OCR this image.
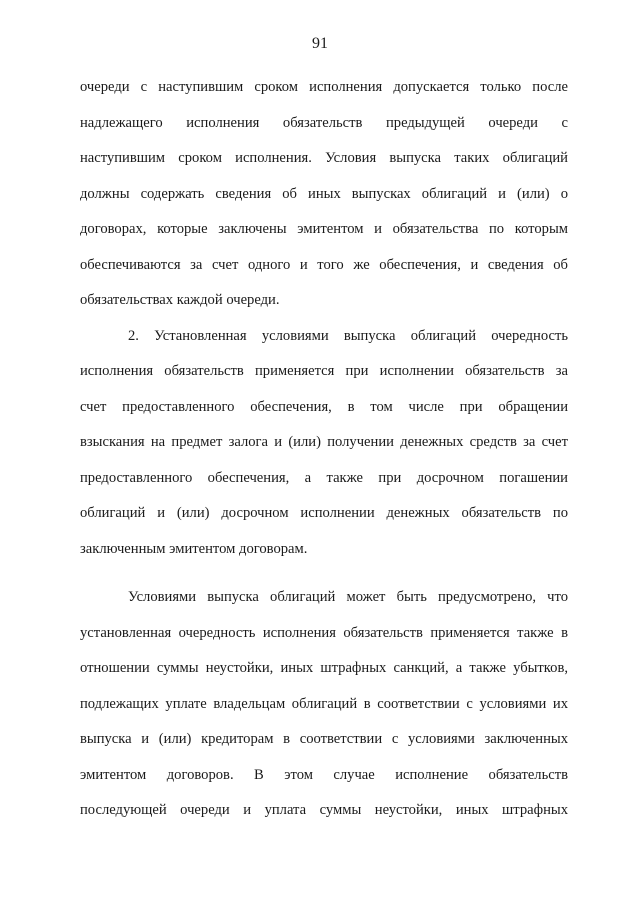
91
очереди с наступившим сроком исполнения допускается только после
надлежащего исполнения обязательств предыдущей очереди с
наступившим сроком исполнения. Условия выпуска таких облигаций
должны содержать сведения об иных выпусках облигаций и (или) о
договорах, которые заключены эмитентом и обязательства по которым
обеспечиваются за счет одного и того же обеспечения, и сведения об
обязательствах каждой очереди.
2. Установленная условиями выпуска облигаций очередность
исполнения обязательств применяется при исполнении обязательств за
счет предоставленного обеспечения, в том числе при обращении
взыскания на предмет залога и (или) получении денежных средств за счет
предоставленного обеспечения, а также при досрочном погашении
облигаций и (или) досрочном исполнении денежных обязательств по
заключенным эмитентом договорам.
Условиями выпуска облигаций может быть предусмотрено, что
установленная очередность исполнения обязательств применяется также в
отношении суммы неустойки, иных штрафных санкций, а также убытков,
подлежащих уплате владельцам облигаций в соответствии с условиями их
выпуска и (или) кредиторам в соответствии с условиями заключенных
эмитентом договоров. В этом случае исполнение обязательств
последующей очереди и уплата суммы неустойки, иных штрафных
